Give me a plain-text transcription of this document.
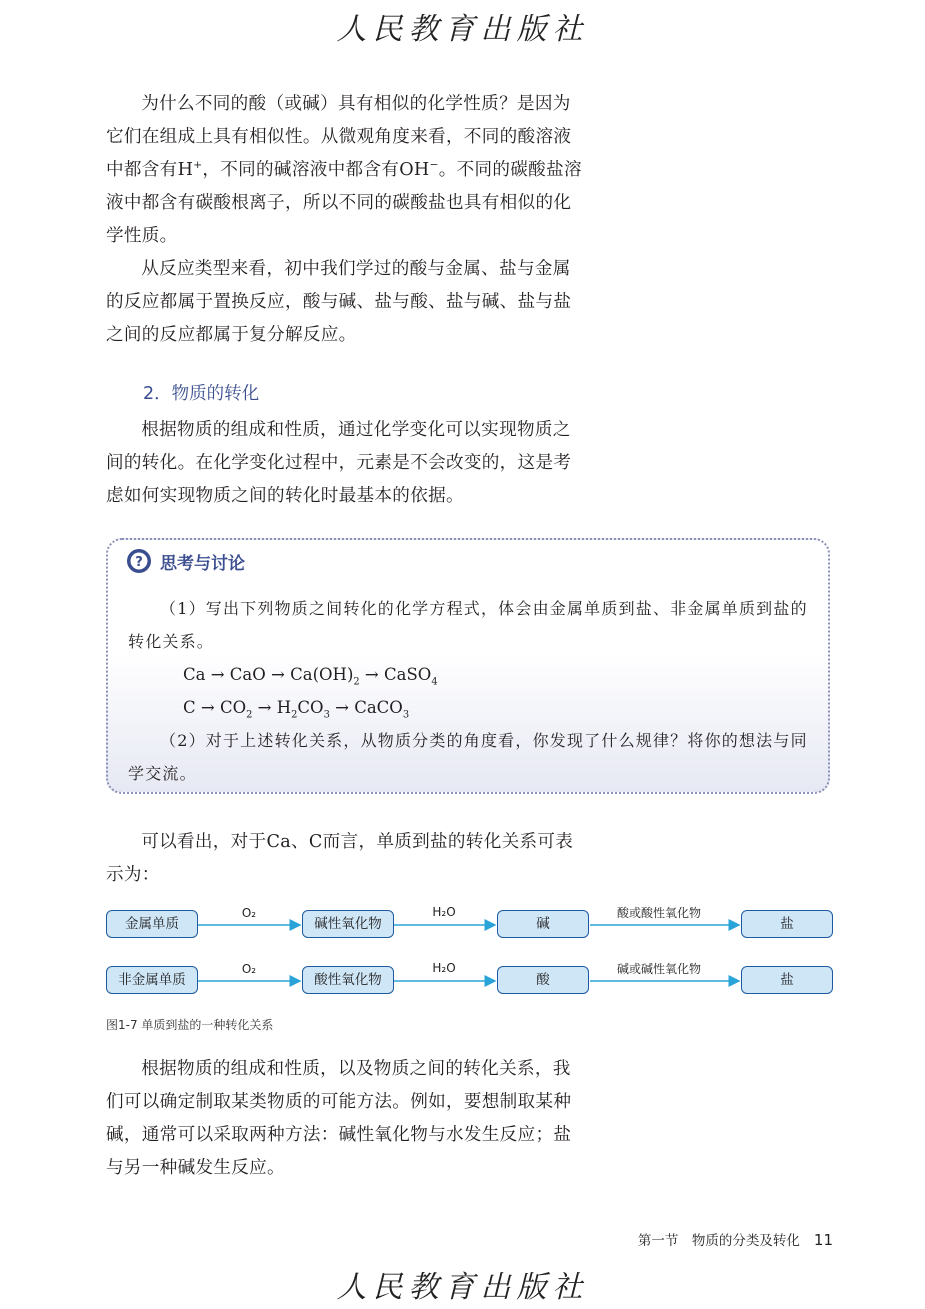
人民教育出版社

为什么不同的酸（或碱）具有相似的化学性质？是因为它们在组成上具有相似性。从微观角度来看，不同的酸溶液中都含有H+，不同的碱溶液中都含有OH−。不同的碳酸盐溶液中都含有碳酸根离子，所以不同的碳酸盐也具有相似的化学性质。

从反应类型来看，初中我们学过的酸与金属、盐与金属的反应都属于置换反应，酸与碱、盐与酸、盐与碱、盐与盐之间的反应都属于复分解反应。

2．物质的转化

根据物质的组成和性质，通过化学变化可以实现物质之间的转化。在化学变化过程中，元素是不会改变的，这是考虑如何实现物质之间的转化时最基本的依据。

? 思考与讨论

（1）写出下列物质之间转化的化学方程式，体会由金属单质到盐、非金属单质到盐的转化关系。

Ca → CaO → $Ca(OH)_2$ → CaSO$_4$

$C \to CO_2 \to H_2CO_3$ → CaCO$_3$

（2）对于上述转化关系，从物质分类的角度看，你发现了什么规律？将你的想法与同学交流。

可以看出，对于Ca、C而言，单质到盐的转化关系可表示为：

金属单质	碱性氧化物	碱	盐
非金属单质	酸性氧化物	酸	盐
O₂	H₂O	酸或酸性氧化物
O₂	H₂O	碱或碱性氧化物
图1-7 单质到盐的一种转化关系

根据物质的组成和性质，以及物质之间的转化关系，我们可以确定制取某类物质的可能方法。例如，要想制取某种碱，通常可以采取两种方法：碱性氧化物与水发生反应；盐与另一种碱发生反应。

第一节　物质的分类及转化 11
人民教育出版社
